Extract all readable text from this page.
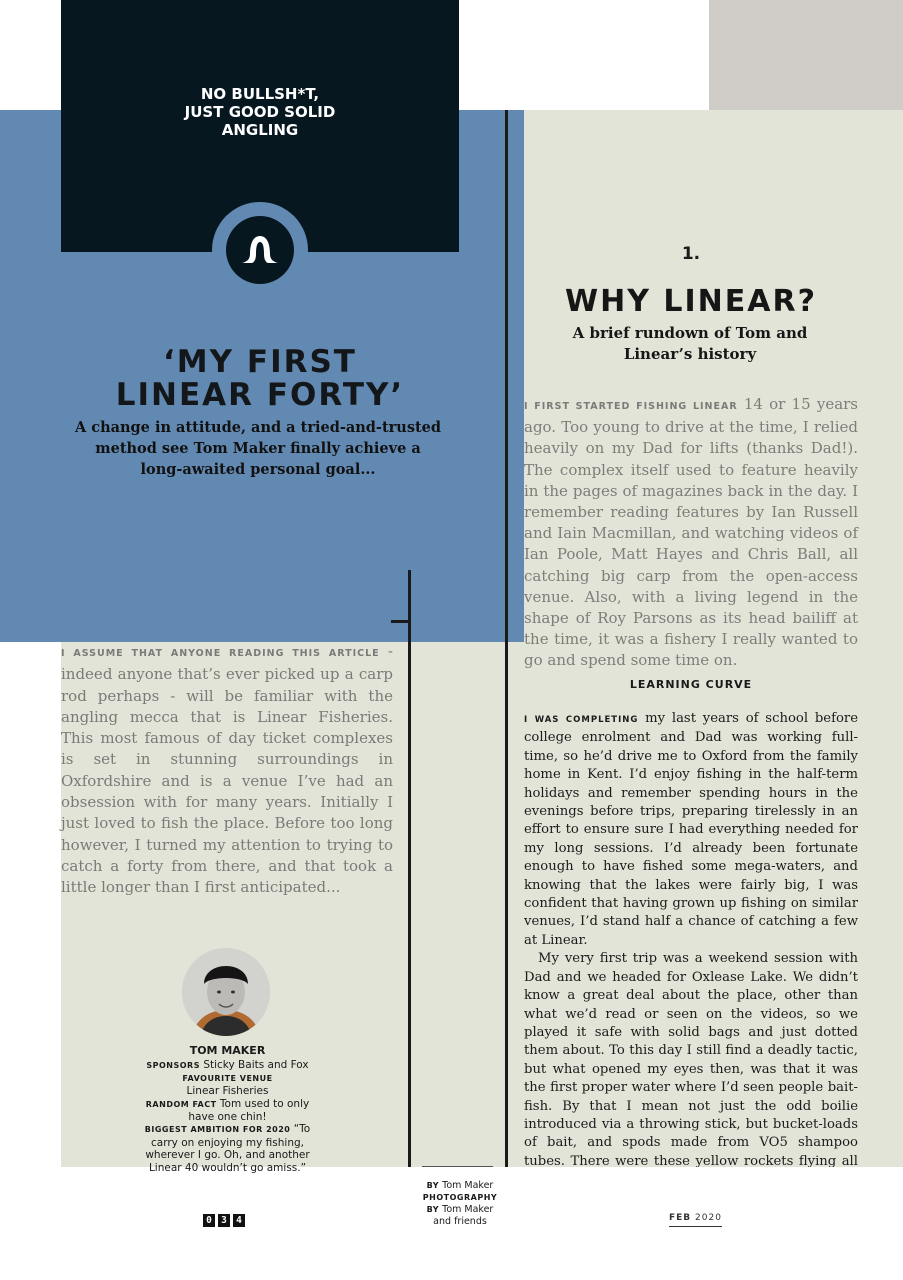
NO BULLSH*T,
JUST GOOD SOLID
ANGLING
‘MY FIRST
LINEAR FORTY’

A change in attitude, and a tried-and-trusted method see Tom Maker finally achieve a long-awaited personal goal...

I ASSUME THAT ANYONE READING THIS ARTICLE - indeed anyone that’s ever picked up a carp rod perhaps - will be familiar with the angling mecca that is Linear Fisheries. This most famous of day ticket complexes is set in stunning surroundings in Oxfordshire and is a venue I’ve had an obsession with for many years. Initially I just loved to fish the place. Before too long however, I turned my attention to trying to catch a forty from there, and that took a little longer than I first anticipated...

TOM MAKER
SPONSORS Sticky Baits and Fox
FAVOURITE VENUE
Linear Fisheries
RANDOM FACT Tom used to only have one chin!
BIGGEST AMBITION FOR 2020 “To carry on enjoying my fishing, wherever I go. Oh, and another Linear 40 wouldn’t go amiss.”
1.
WHY LINEAR?

A brief rundown of Tom and
Linear’s history

I FIRST STARTED FISHING LINEAR 14 or 15 years ago. Too young to drive at the time, I relied heavily on my Dad for lifts (thanks Dad!). The complex itself used to feature heavily in the pages of magazines back in the day. I remember reading features by Ian Russell and Iain Macmillan, and watching videos of Ian Poole, Matt Hayes and Chris Ball, all catching big carp from the open-access venue. Also, with a living legend in the shape of Roy Parsons as its head bailiff at the time, it was a fishery I really wanted to go and spend some time on.

LEARNING CURVE

I WAS COMPLETING my last years of school before college enrolment and Dad was working full-time, so he’d drive me to Oxford from the family home in Kent. I’d enjoy fishing in the half-term holidays and remember spending hours in the evenings before trips, preparing tirelessly in an effort to ensure sure I had everything needed for my long sessions. I’d already been fortunate enough to have fished some mega-waters, and knowing that the lakes were fairly big, I was confident that having grown up fishing on similar venues, I’d stand half a chance of catching a few at Linear.

My very first trip was a weekend session with Dad and we headed for Oxlease Lake. We didn’t know a great deal about the place, other than what we’d read or seen on the videos, so we played it safe with solid bags and just dotted them about. To this day I still find a deadly tactic, but what opened my eyes then, was that it was the first proper water where I’d seen people bait-fish. By that I mean not just the odd boilie introduced via a throwing stick, but bucket-loads of bait, and spods made from VO5 shampoo tubes. There were these yellow rockets flying all

BY Tom Maker
PHOTOGRAPHY
BY Tom Maker
and friends
0 3 4	FEB 2020
